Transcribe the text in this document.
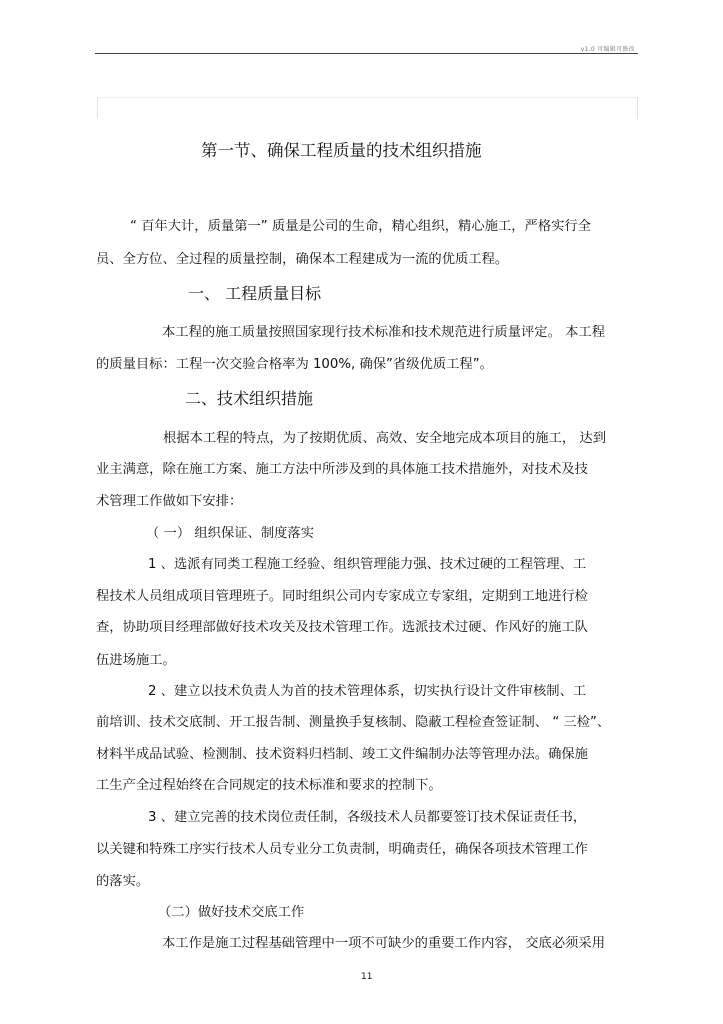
v1.0 可编辑可修改
第一节、确保工程质量的技术组织措施
“ 百年大计，质量第一” 质量是公司的生命，精心组织，精心施工，严格实行全
员、全方位、全过程的质量控制，确保本工程建成为一流的优质工程。
一、 工程质量目标
本工程的施工质量按照国家现行技术标准和技术规范进行质量评定。 本工程
的质量目标：工程一次交验合格率为 100%, 确保”省级优质工程”。
二、技术组织措施
根据本工程的特点，为了按期优质、高效、安全地完成本项目的施工， 达到
业主满意，除在施工方案、施工方法中所涉及到的具体施工技术措施外，对技术及技
术管理工作做如下安排：
（ 一） 组织保证、制度落实
1 、选派有同类工程施工经验、组织管理能力强、技术过硬的工程管理、工
程技术人员组成项目管理班子。同时组织公司内专家成立专家组，定期到工地进行检
查，协助项目经理部做好技术攻关及技术管理工作。选派技术过硬、作风好的施工队
伍进场施工。
2 、建立以技术负责人为首的技术管理体系，切实执行设计文件审核制、工
前培训、技术交底制、开工报告制、测量换手复核制、隐蔽工程检查签证制、 “ 三检”、
材料半成品试验、检测制、技术资料归档制、竣工文件编制办法等管理办法。确保施
工生产全过程始终在合同规定的技术标准和要求的控制下。
3 、建立完善的技术岗位责任制，各级技术人员都要签订技术保证责任书，
以关键和特殊工序实行技术人员专业分工负责制，明确责任，确保各项技术管理工作
的落实。
（二）做好技术交底工作
本工作是施工过程基础管理中一项不可缺少的重要工作内容， 交底必须采用
11
